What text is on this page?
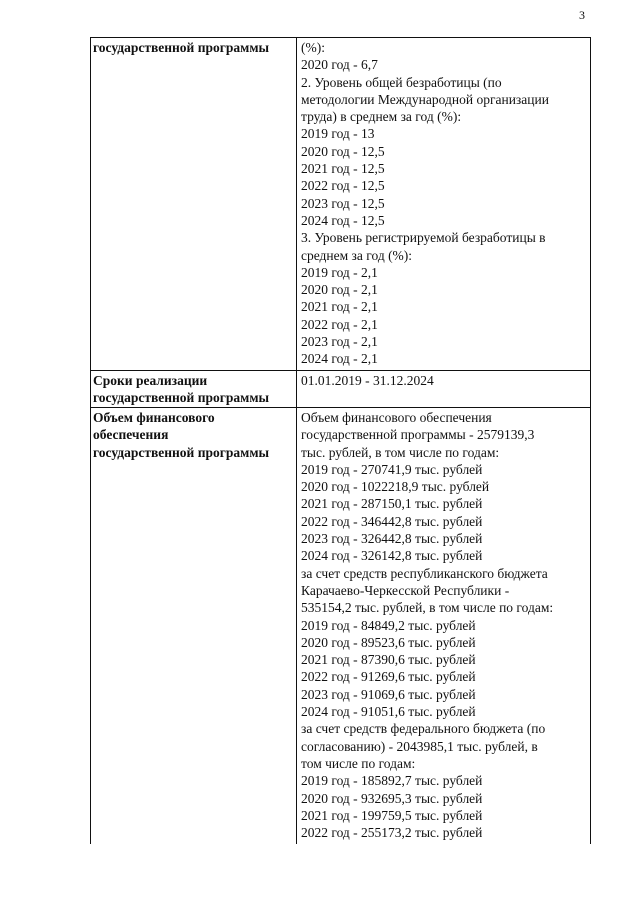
3
государственной программы	(%):
2020 год - 6,7
2. Уровень общей безработицы (по
методологии Международной организации
труда) в среднем за год (%):
2019 год - 13
2020 год - 12,5
2021 год - 12,5
2022 год - 12,5
2023 год - 12,5
2024 год - 12,5
3. Уровень регистрируемой безработицы в
среднем за год (%):
2019 год - 2,1
2020 год - 2,1
2021 год - 2,1
2022 год - 2,1
2023 год - 2,1
2024 год - 2,1
Сроки реализации
государственной программы
01.01.2019 - 31.12.2024
Объем финансового
обеспечения
государственной программы
Объем финансового обеспечения
государственной программы - 2579139,3
тыс. рублей, в том числе по годам:
2019 год - 270741,9 тыс. рублей
2020 год - 1022218,9 тыс. рублей
2021 год - 287150,1 тыс. рублей
2022 год - 346442,8 тыс. рублей
2023 год - 326442,8 тыс. рублей
2024 год - 326142,8 тыс. рублей
за счет средств республиканского бюджета
Карачаево-Черкесской Республики -
535154,2 тыс. рублей, в том числе по годам:
2019 год - 84849,2 тыс. рублей
2020 год - 89523,6 тыс. рублей
2021 год - 87390,6 тыс. рублей
2022 год - 91269,6 тыс. рублей
2023 год - 91069,6 тыс. рублей
2024 год - 91051,6 тыс. рублей
за счет средств федерального бюджета (по
согласованию) - 2043985,1 тыс. рублей, в
том числе по годам:
2019 год - 185892,7 тыс. рублей
2020 год - 932695,3 тыс. рублей
2021 год - 199759,5 тыс. рублей
2022 год - 255173,2 тыс. рублей
